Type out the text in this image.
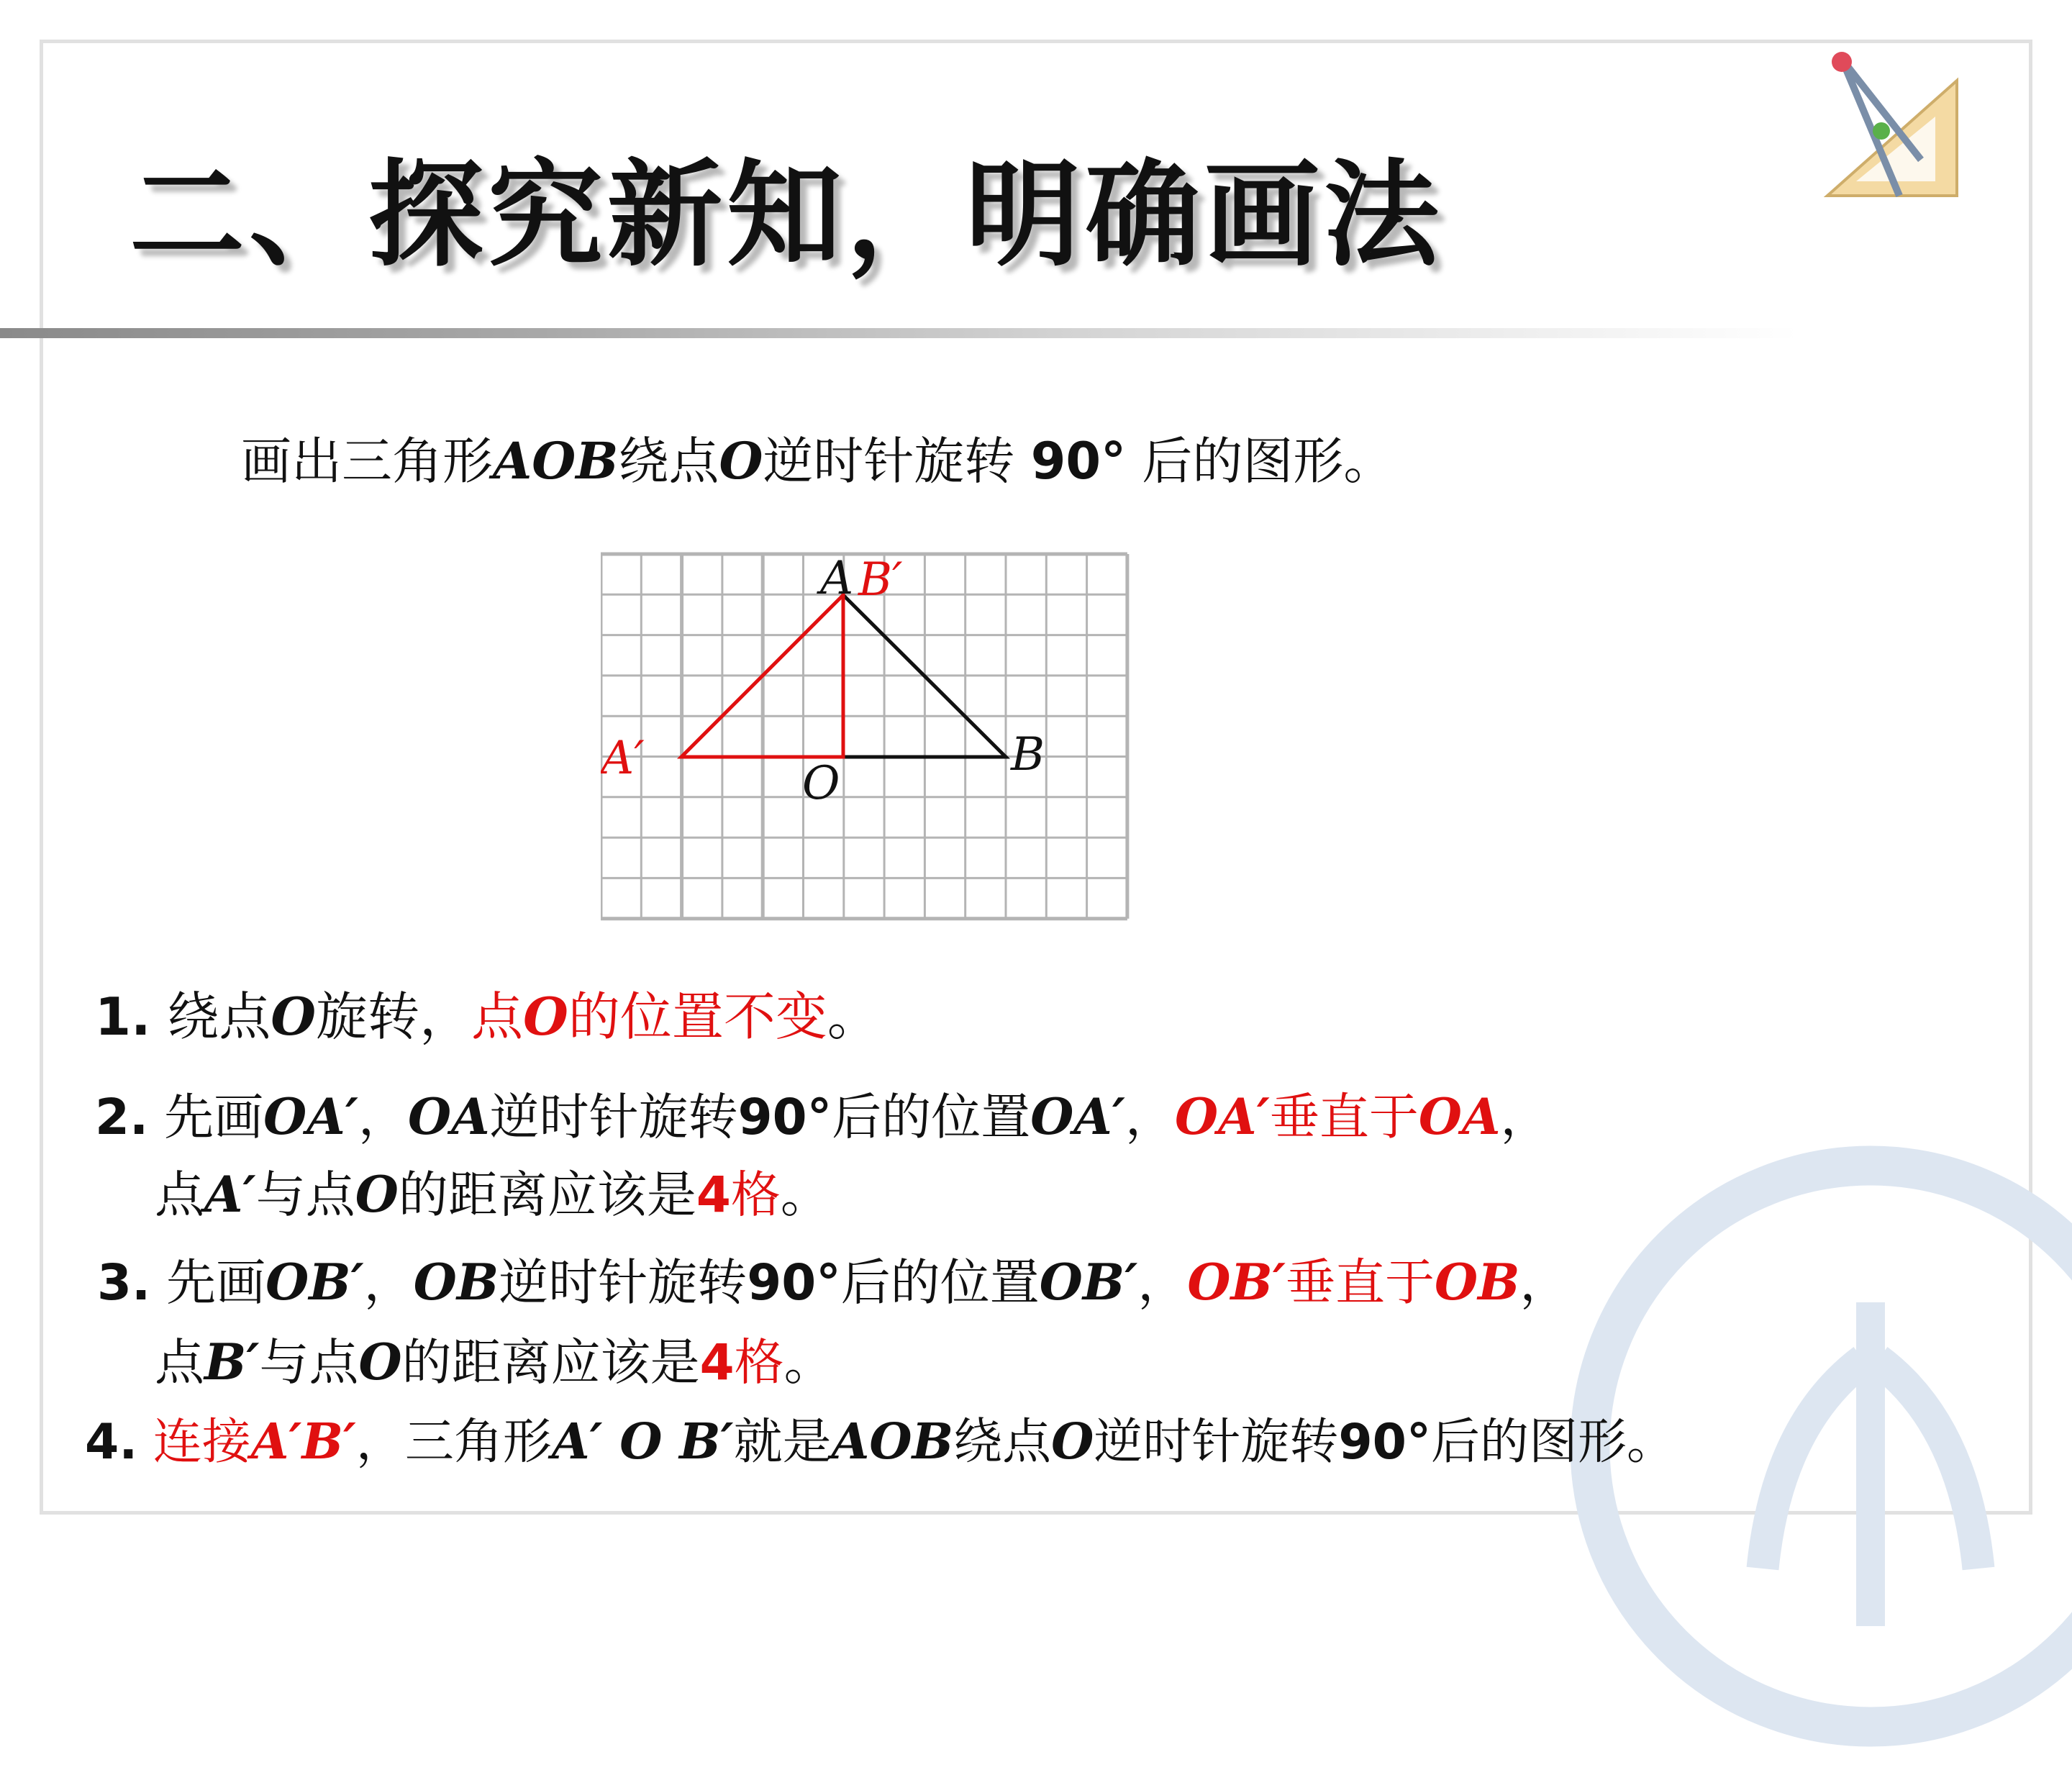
二、探究新知，明确画法
画出三角形AOB绕点O逆时针旋转 90° 后的图形。
A B′
A′	O
B
1. 绕点O旋转，点O的位置不变。
2. 先画OA′，OA逆时针旋转90°后的位置OA′，OA′垂直于OA，
点A′与点O的距离应该是4格。
3. 先画OB′，OB逆时针旋转90°后的位置OB′，OB′垂直于OB，
点B′与点O的距离应该是4格。
4. 连接A′B′，三角形A′ O B′就是AOB绕点O逆时针旋转90°后的图形。
